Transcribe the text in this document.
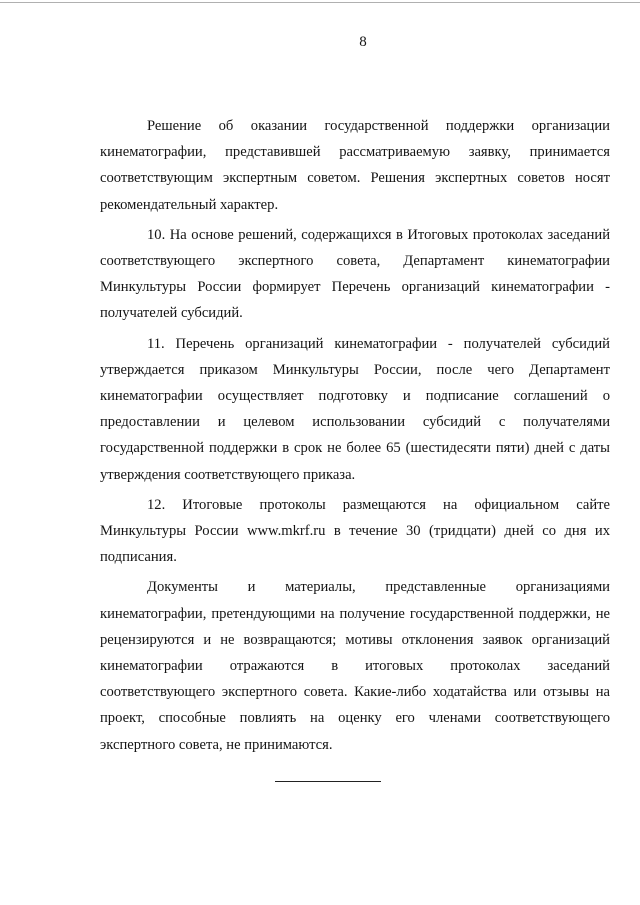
8

Решение об оказании государственной поддержки организации кинематографии, представившей рассматриваемую заявку, принимается соответствующим экспертным советом. Решения экспертных советов носят рекомендательный характер.

10. На основе решений, содержащихся в Итоговых протоколах заседаний соответствующего экспертного совета, Департамент кинематографии Минкультуры России формирует Перечень организаций кинематографии - получателей субсидий.

11. Перечень организаций кинематографии - получателей субсидий утверждается приказом Минкультуры России, после чего Департамент кинематографии осуществляет подготовку и подписание соглашений о предоставлении и целевом использовании субсидий с получателями государственной поддержки в срок не более 65 (шестидесяти пяти) дней с даты утверждения соответствующего приказа.

12. Итоговые протоколы размещаются на официальном сайте Минкультуры России www.mkrf.ru в течение 30 (тридцати) дней со дня их подписания.

Документы и материалы, представленные организациями кинематографии, претендующими на получение государственной поддержки, не рецензируются и не возвращаются; мотивы отклонения заявок организаций кинематографии отражаются в итоговых протоколах заседаний соответствующего экспертного совета. Какие-либо ходатайства или отзывы на проект, способные повлиять на оценку его членами соответствующего экспертного совета, не принимаются.
